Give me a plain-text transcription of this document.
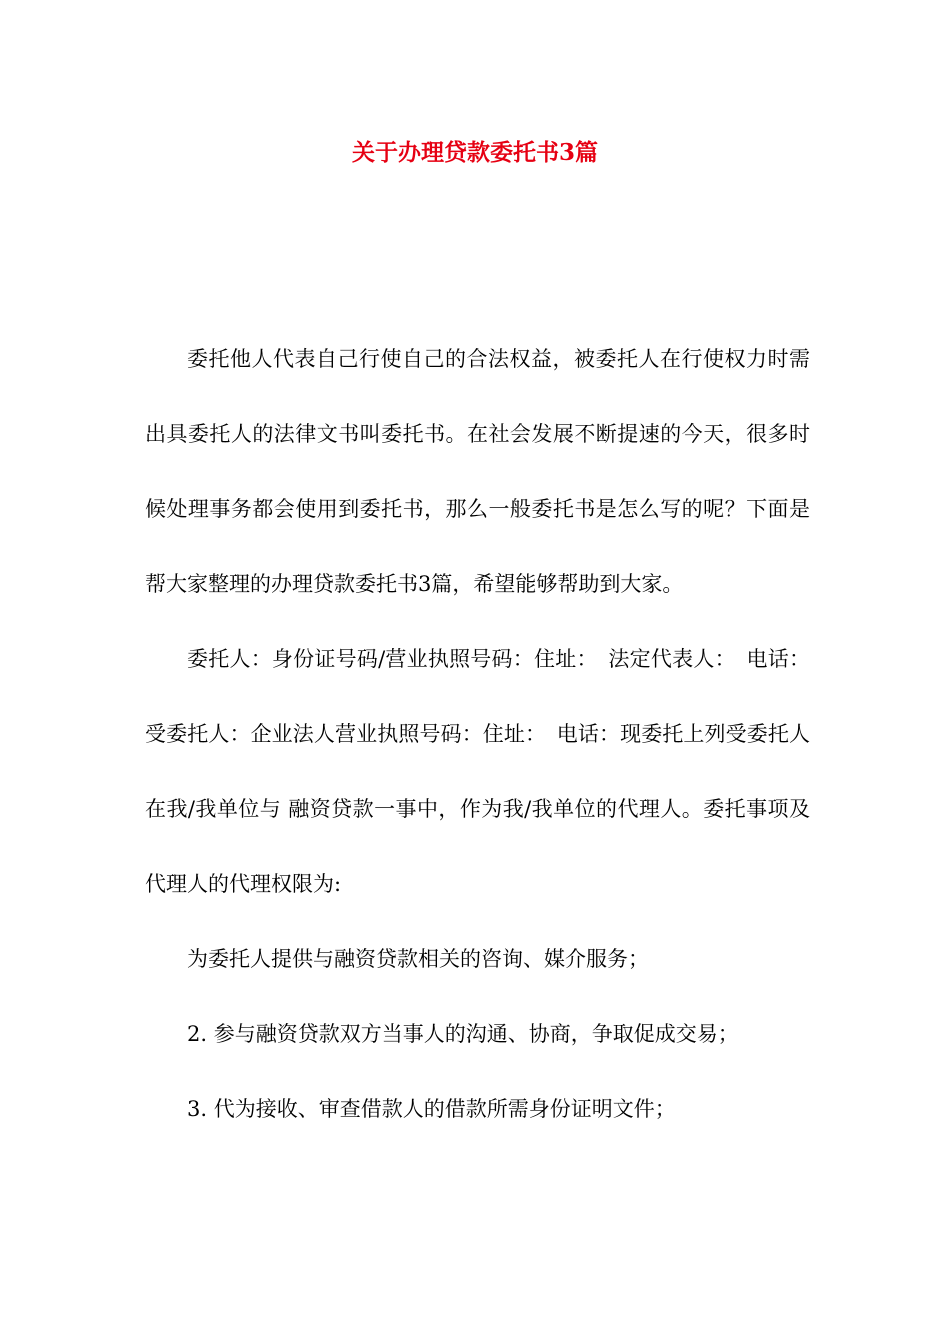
关于办理贷款委托书3篇

委托他人代表自己行使自己的合法权益，被委托人在行使权力时需出具委托人的法律文书叫委托书。在社会发展不断提速的今天，很多时候处理事务都会使用到委托书，那么一般委托书是怎么写的呢？下面是帮大家整理的办理贷款委托书3篇，希望能够帮助到大家。

委托人：身份证号码/营业执照号码：住址：　法定代表人：　电话：受委托人：企业法人营业执照号码：住址：　电话：现委托上列受委托人在我/我单位与 融资贷款一事中，作为我/我单位的代理人。委托事项及代理人的代理权限为:

为委托人提供与融资贷款相关的咨询、媒介服务；

2. 参与融资贷款双方当事人的沟通、协商，争取促成交易；

3. 代为接收、审查借款人的借款所需身份证明文件；
